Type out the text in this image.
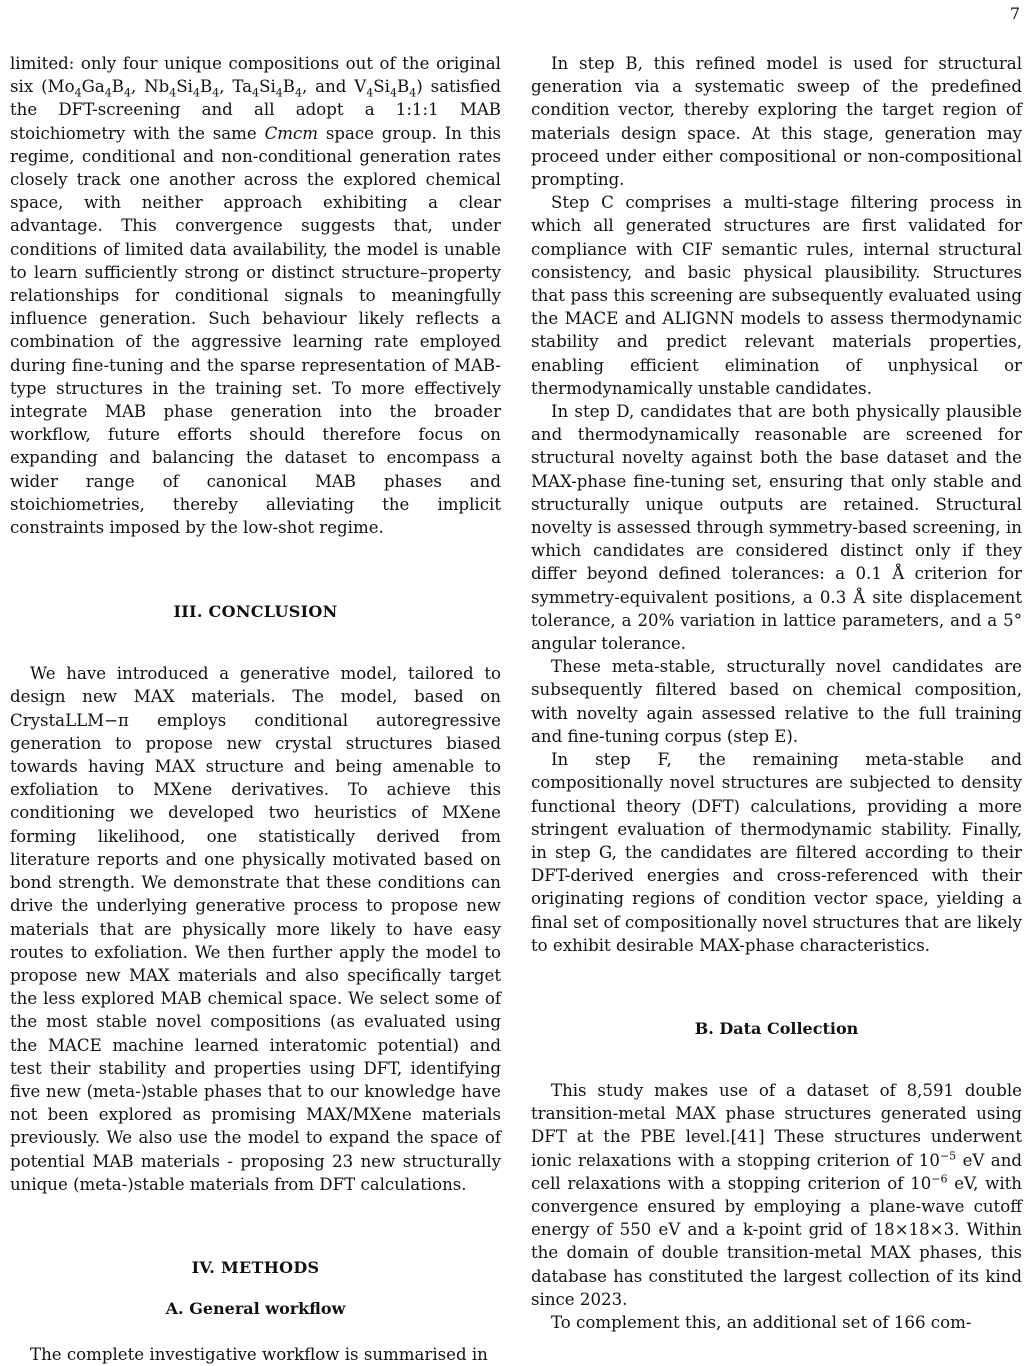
7

limited: only four unique compositions out of the original six ($Mo_4Ga_4B_4$, $Nb_4Si_4B_4$, $Ta_4Si_4B_4$, and $V_4Si_4B_4$) satisfied the DFT-screening and all adopt a 1:1:1 MAB stoichiometry with the same Cmcm space group. In this regime, conditional and non-conditional generation rates closely track one another across the explored chemical space, with neither approach exhibiting a clear advantage. This convergence suggests that, under conditions of limited data availability, the model is unable to learn sufficiently strong or distinct structure–property relationships for conditional signals to meaningfully influence generation. Such behaviour likely reflects a combination of the aggressive learning rate employed during fine-tuning and the sparse representation of MAB-type structures in the training set. To more effectively integrate MAB phase generation into the broader workflow, future efforts should therefore focus on expanding and balancing the dataset to encompass a wider range of canonical MAB phases and stoichiometries, thereby alleviating the implicit constraints imposed by the low-shot regime.

III. CONCLUSION

We have introduced a generative model, tailored to design new MAX materials. The model, based on CrystaLLM−π employs conditional autoregressive generation to propose new crystal structures biased towards having MAX structure and being amenable to exfoliation to MXene derivatives. To achieve this conditioning we developed two heuristics of MXene forming likelihood, one statistically derived from literature reports and one physically motivated based on bond strength. We demonstrate that these conditions can drive the underlying generative process to propose new materials that are physically more likely to have easy routes to exfoliation. We then further apply the model to propose new MAX materials and also specifically target the less explored MAB chemical space. We select some of the most stable novel compositions (as evaluated using the MACE machine learned interatomic potential) and test their stability and properties using DFT, identifying five new (meta-)stable phases that to our knowledge have not been explored as promising MAX/MXene materials previously. We also use the model to expand the space of potential MAB materials - proposing 23 new structurally unique (meta-)stable materials from DFT calculations.

IV. METHODS
A. General workflow

The complete investigative workflow is summarised in

In step B, this refined model is used for structural generation via a systematic sweep of the predefined condition vector, thereby exploring the target region of materials design space. At this stage, generation may proceed under either compositional or non-compositional prompting.

Step C comprises a multi-stage filtering process in which all generated structures are first validated for compliance with CIF semantic rules, internal structural consistency, and basic physical plausibility. Structures that pass this screening are subsequently evaluated using the MACE and ALIGNN models to assess thermodynamic stability and predict relevant materials properties, enabling efficient elimination of unphysical or thermodynamically unstable candidates.

In step D, candidates that are both physically plausible and thermodynamically reasonable are screened for structural novelty against both the base dataset and the MAX-phase fine-tuning set, ensuring that only stable and structurally unique outputs are retained. Structural novelty is assessed through symmetry-based screening, in which candidates are considered distinct only if they differ beyond defined tolerances: a 0.1 Å criterion for symmetry-equivalent positions, a 0.3 Å site displacement tolerance, a 20% variation in lattice parameters, and a 5° angular tolerance.

These meta-stable, structurally novel candidates are subsequently filtered based on chemical composition, with novelty again assessed relative to the full training and fine-tuning corpus (step E).

In step F, the remaining meta-stable and compositionally novel structures are subjected to density functional theory (DFT) calculations, providing a more stringent evaluation of thermodynamic stability. Finally, in step G, the candidates are filtered according to their DFT-derived energies and cross-referenced with their originating regions of condition vector space, yielding a final set of compositionally novel structures that are likely to exhibit desirable MAX-phase characteristics.

B. Data Collection

This study makes use of a dataset of 8,591 double transition-metal MAX phase structures generated using DFT at the PBE level.[41] These structures underwent ionic relaxations with a stopping criterion of $10^{-5}$ eV and cell relaxations with a stopping criterion of $10^{-6}$ eV, with convergence ensured by employing a plane-wave cutoff energy of 550 eV and a k-point grid of 18×18×3. Within the domain of double transition-metal MAX phases, this database has constituted the largest collection of its kind since 2023.

To complement this, an additional set of 166 com-
